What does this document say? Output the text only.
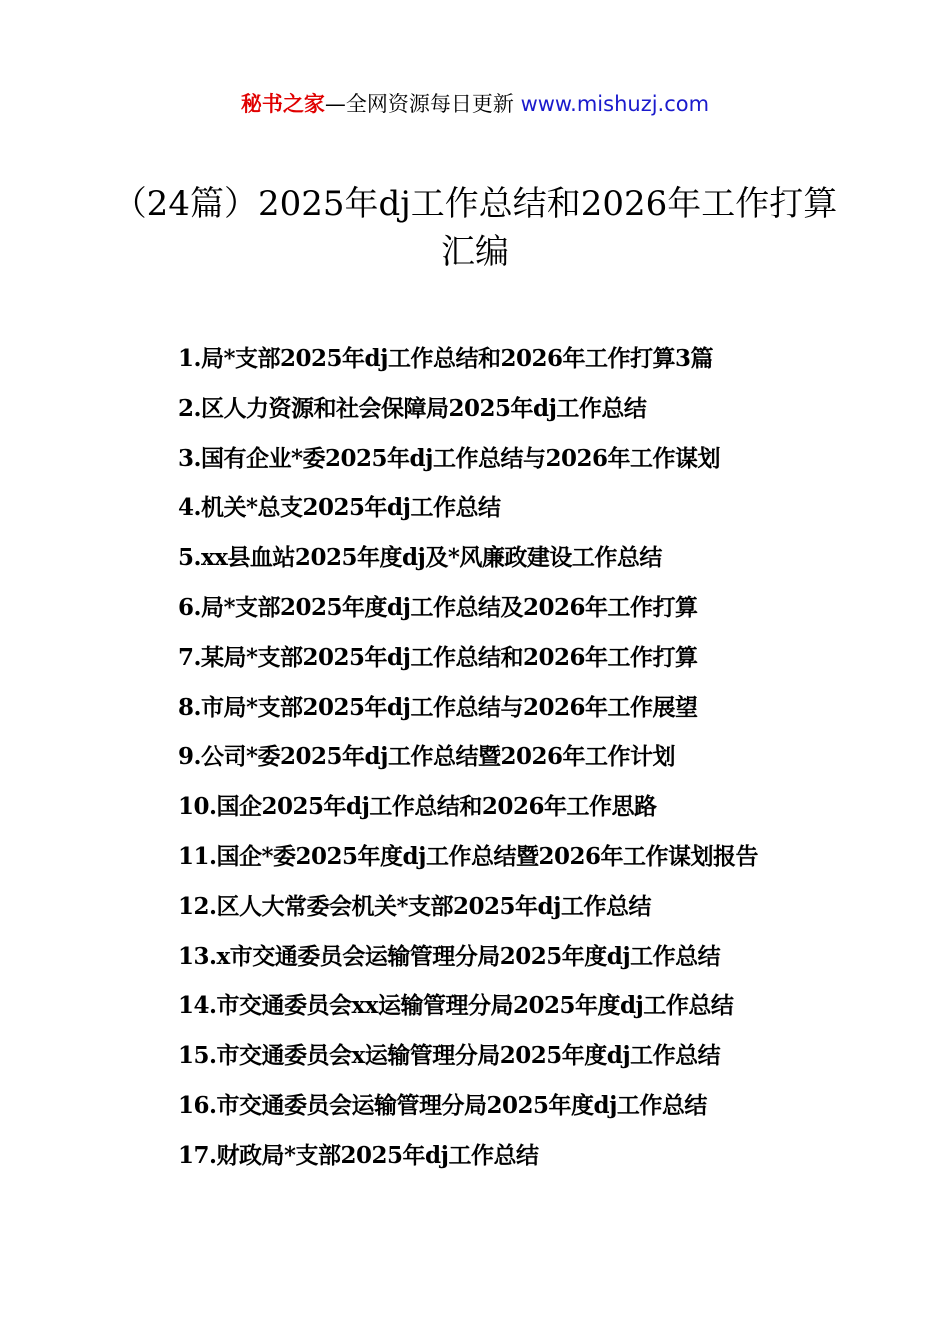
秘书之家—全网资源每日更新 www.mishuzj.com
（24篇）2025年dj工作总结和2026年工作打算汇编
1.局*支部2025年dj工作总结和2026年工作打算3篇
2.区人力资源和社会保障局2025年dj工作总结
3.国有企业*委2025年dj工作总结与2026年工作谋划
4.机关*总支2025年dj工作总结
5.xx县血站2025年度dj及*风廉政建设工作总结
6.局*支部2025年度dj工作总结及2026年工作打算
7.某局*支部2025年dj工作总结和2026年工作打算
8.市局*支部2025年dj工作总结与2026年工作展望
9.公司*委2025年dj工作总结暨2026年工作计划
10.国企2025年dj工作总结和2026年工作思路
11.国企*委2025年度dj工作总结暨2026年工作谋划报告
12.区人大常委会机关*支部2025年dj工作总结
13.x市交通委员会运输管理分局2025年度dj工作总结
14.市交通委员会xx运输管理分局2025年度dj工作总结
15.市交通委员会x运输管理分局2025年度dj工作总结
16.市交通委员会运输管理分局2025年度dj工作总结
17.财政局*支部2025年dj工作总结
